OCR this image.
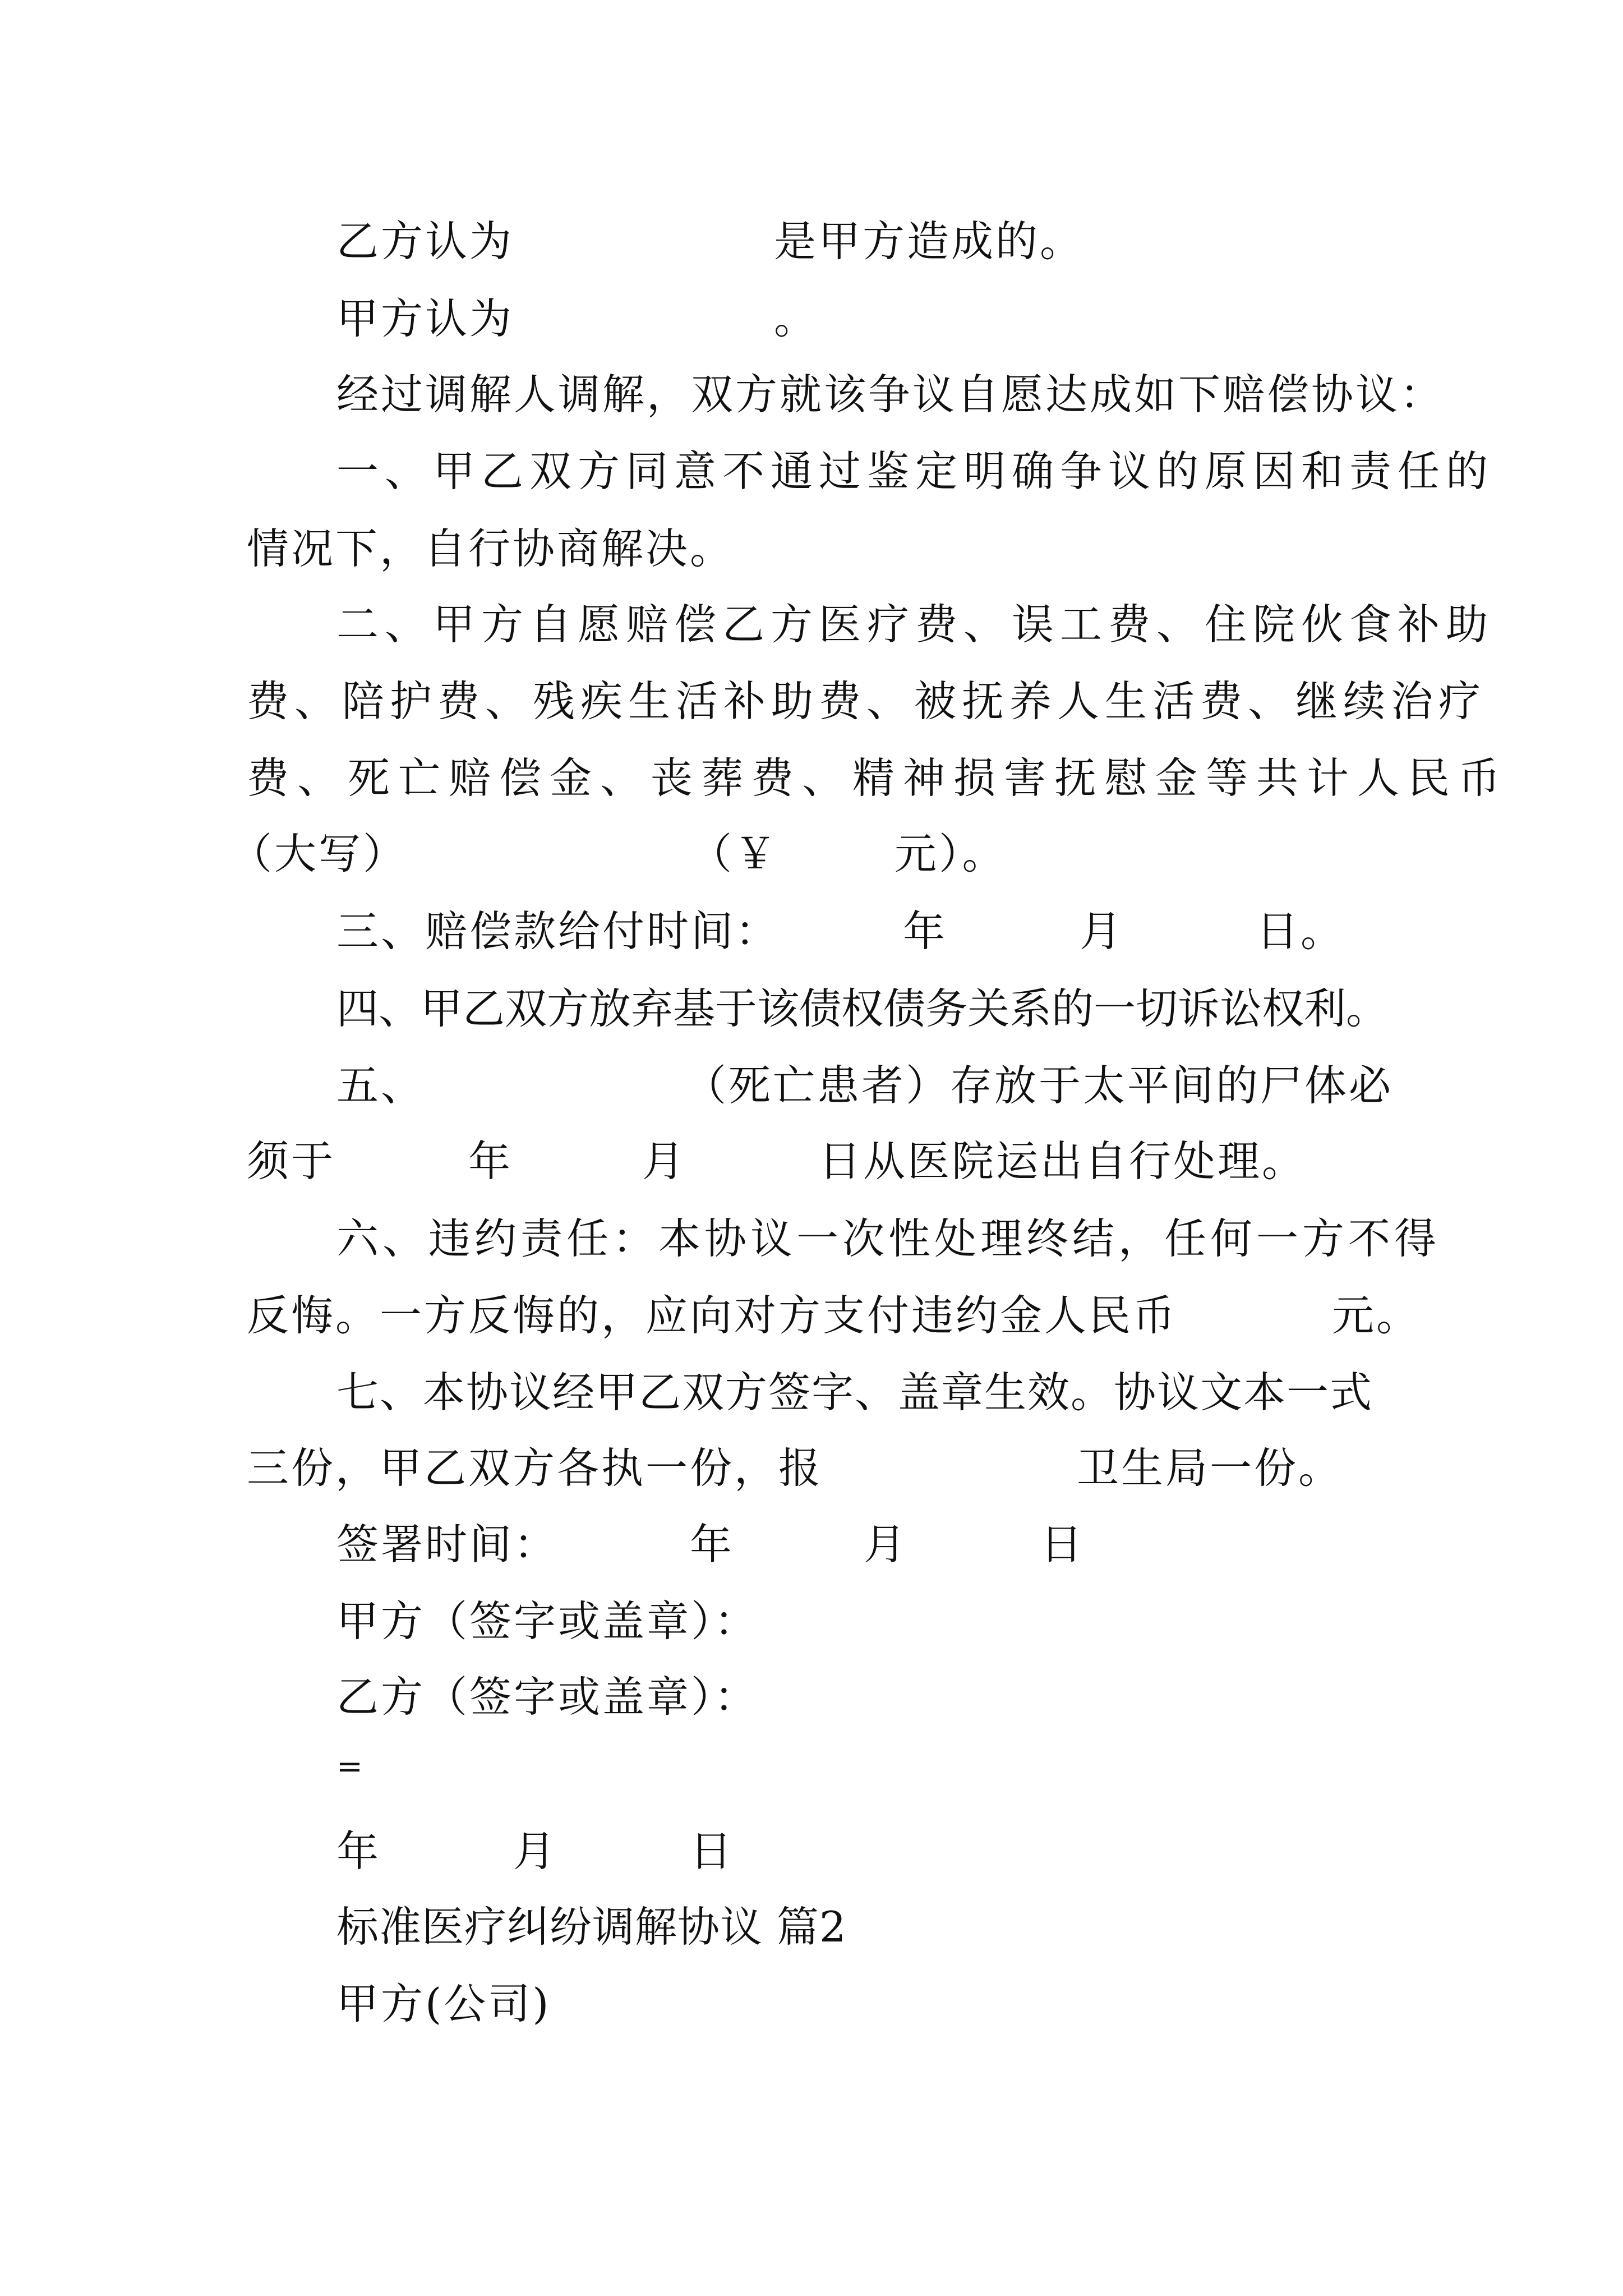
乙方认为	是甲方造成的。
甲方认为	。
经过调解人调解，双方就该争议自愿达成如下赔偿协议：
一、甲乙双方同意不通过鉴定明确争议的原因和责任的
情况下，自行协商解决。
二、甲方自愿赔偿乙方医疗费、误工费、住院伙食补助
费、陪护费、残疾生活补助费、被抚养人生活费、继续治疗
费、死亡赔偿金、丧葬费、精神损害抚慰金等共计人民币
（大写）	（￥	元）。
三、赔偿款给付时间：	年	月	日。
四、甲乙双方放弃基于该债权债务关系的一切诉讼权利。
五、	（死亡患者）存放于太平间的尸体必
须于	年	月	日从医院运出自行处理。
六、违约责任：本协议一次性处理终结，任何一方不得
反悔。一方反悔的，应向对方支付违约金人民币	元。
七、本协议经甲乙双方签字、盖章生效。协议文本一式
三份，甲乙双方各执一份，报	卫生局一份。
签署时间：	年	月	日
甲方（签字或盖章）：
乙方（签字或盖章）：
=
年	月	日
标准医疗纠纷调解协议 篇2
甲方(公司)
